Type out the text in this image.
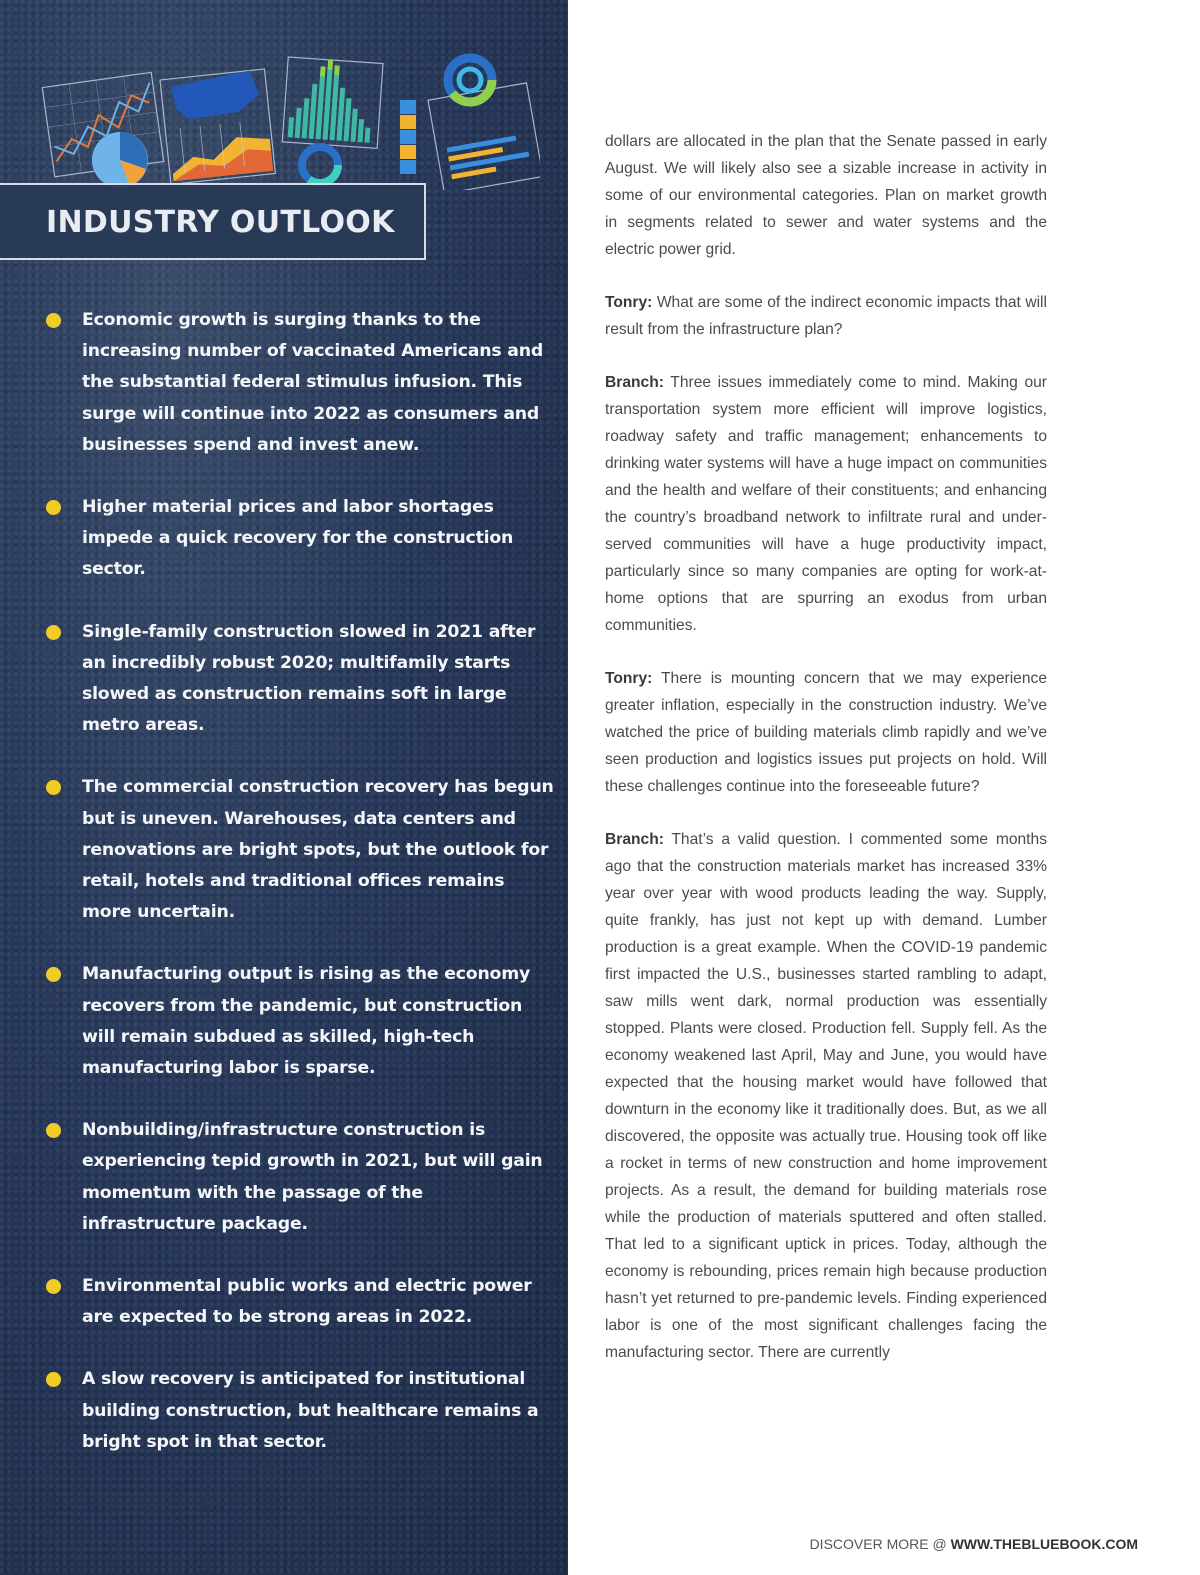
INDUSTRY OUTLOOK
Economic growth is surging thanks to the increasing number of vaccinated Americans and the substantial federal stimulus infusion. This surge will continue into 2022 as consumers and businesses spend and invest anew.
Higher material prices and labor shortages impede a quick recovery for the construction sector.
Single-family construction slowed in 2021 after an incredibly robust 2020; multifamily starts slowed as construction remains soft in large metro areas.
The commercial construction recovery has begun but is uneven. Warehouses, data centers and renovations are bright spots, but the outlook for retail, hotels and traditional offices remains more uncertain.
Manufacturing output is rising as the economy recovers from the pandemic, but construction will remain subdued as skilled, high-tech manufacturing labor is sparse.
Nonbuilding/infrastructure construction is experiencing tepid growth in 2021, but will gain momentum with the passage of the infrastructure package.
Environmental public works and electric power are expected to be strong areas in 2022.
A slow recovery is anticipated for institutional building construction, but healthcare remains a bright spot in that sector.

dollars are allocated in the plan that the Senate passed in early August. We will likely also see a sizable increase in activity in some of our environmental categories. Plan on market growth in segments related to sewer and water systems and the electric power grid.

Tonry: What are some of the indirect economic impacts that will result from the infrastructure plan?

Branch: Three issues immediately come to mind. Making our transportation system more efficient will improve logistics, roadway safety and traffic management; enhancements to drinking water systems will have a huge impact on communities and the health and welfare of their constituents; and enhancing the country’s broadband network to infiltrate rural and under-served communities will have a huge productivity impact, particularly since so many companies are opting for work-at-home options that are spurring an exodus from urban communities.

Tonry: There is mounting concern that we may experience greater inflation, especially in the construction industry. We’ve watched the price of building materials climb rapidly and we’ve seen production and logistics issues put projects on hold. Will these challenges continue into the foreseeable future?

Branch: That’s a valid question. I commented some months ago that the construction materials market has increased 33% year over year with wood products leading the way. Supply, quite frankly, has just not kept up with demand. Lumber production is a great example. When the COVID-19 pandemic first impacted the U.S., businesses started rambling to adapt, saw mills went dark, normal production was essentially stopped. Plants were closed. Production fell. Supply fell. As the economy weakened last April, May and June, you would have expected that the housing market would have followed that downturn in the economy like it traditionally does. But, as we all discovered, the opposite was actually true. Housing took off like a rocket in terms of new construction and home improvement projects. As a result, the demand for building materials rose while the production of materials sputtered and often stalled. That led to a significant uptick in prices. Today, although the economy is rebounding, prices remain high because production hasn’t yet returned to pre-pandemic levels. Finding experienced labor is one of the most significant challenges facing the manufacturing sector. There are currently

DISCOVER MORE @ WWW.THEBLUEBOOK.COM
